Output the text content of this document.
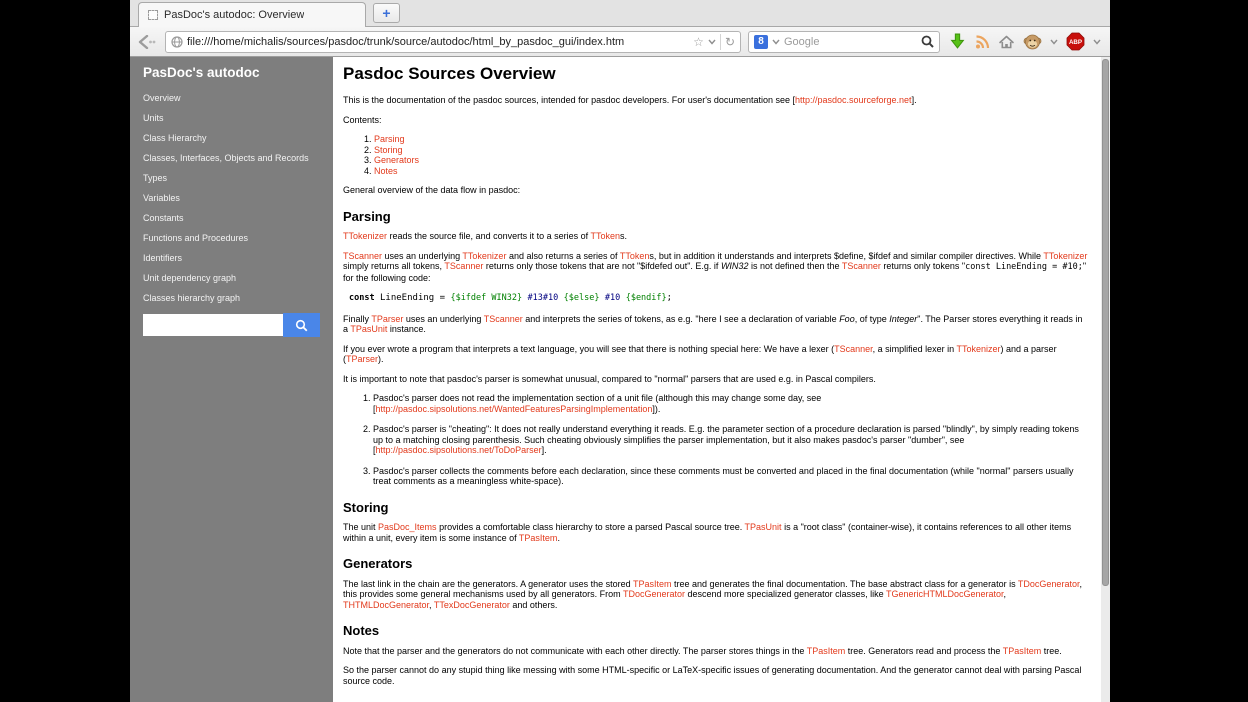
PasDoc's autodoc: Overview	+
file:///home/michalis/sources/pasdoc/trunk/source/autodoc/html_by_pasdoc_gui/index.htm	☆ ↻	8	Google	ABP
PasDoc's autodoc
Overview
Units
Class Hierarchy
Classes, Interfaces, Objects and Records
Types
Variables
Constants
Functions and Procedures
Identifiers
Unit dependency graph
Classes hierarchy graph
Pasdoc Sources Overview

This is the documentation of the pasdoc sources, intended for pasdoc developers. For user's documentation see [http://pasdoc.sourceforge.net].

Contents:

1. Parsing
2. Storing
3. Generators
4. Notes

General overview of the data flow in pasdoc:

Parsing

TTokenizer reads the source file, and converts it to a series of TTokens.

TScanner uses an underlying TTokenizer and also returns a series of TTokens, but in addition it understands and interprets $define, $ifdef and similar compiler directives. While TTokenizer simply returns all tokens, TScanner returns only those tokens that are not "$ifdefed out". E.g. if WIN32 is not defined then the TScanner returns only tokens "const LineEnding = #10;" for the following code:

const LineEnding = {$ifdef WIN32} #13#10 {$else} #10 {$endif};

Finally TParser uses an underlying TScanner and interprets the series of tokens, as e.g. "here I see a declaration of variable Foo, of type Integer". The Parser stores everything it reads in a TPasUnit instance.

If you ever wrote a program that interprets a text language, you will see that there is nothing special here: We have a lexer (TScanner, a simplified lexer in TTokenizer) and a parser (TParser).

It is important to note that pasdoc's parser is somewhat unusual, compared to "normal" parsers that are used e.g. in Pascal compilers.

1. Pasdoc's parser does not read the implementation section of a unit file (although this may change some day, see [http://pasdoc.sipsolutions.net/WantedFeaturesParsingImplementation]).
2. Pasdoc's parser is "cheating": It does not really understand everything it reads. E.g. the parameter section of a procedure declaration is parsed "blindly", by simply reading tokens up to a matching closing parenthesis. Such cheating obviously simplifies the parser implementation, but it also makes pasdoc's parser "dumber", see [http://pasdoc.sipsolutions.net/ToDoParser].
3. Pasdoc's parser collects the comments before each declaration, since these comments must be converted and placed in the final documentation (while "normal" parsers usually treat comments as a meaningless white-space).
Storing

The unit PasDoc_Items provides a comfortable class hierarchy to store a parsed Pascal source tree. TPasUnit is a "root class" (container-wise), it contains references to all other items within a unit, every item is some instance of TPasItem.

Generators

The last link in the chain are the generators. A generator uses the stored TPasItem tree and generates the final documentation. The base abstract class for a generator is TDocGenerator, this provides some general mechanisms used by all generators. From TDocGenerator descend more specialized generator classes, like TGenericHTMLDocGenerator, THTMLDocGenerator, TTexDocGenerator and others.

Notes

Note that the parser and the generators do not communicate with each other directly. The parser stores things in the TPasItem tree. Generators read and process the TPasItem tree.

So the parser cannot do any stupid thing like messing with some HTML-specific or LaTeX-specific issues of generating documentation. And the generator cannot deal with parsing Pascal source code.
